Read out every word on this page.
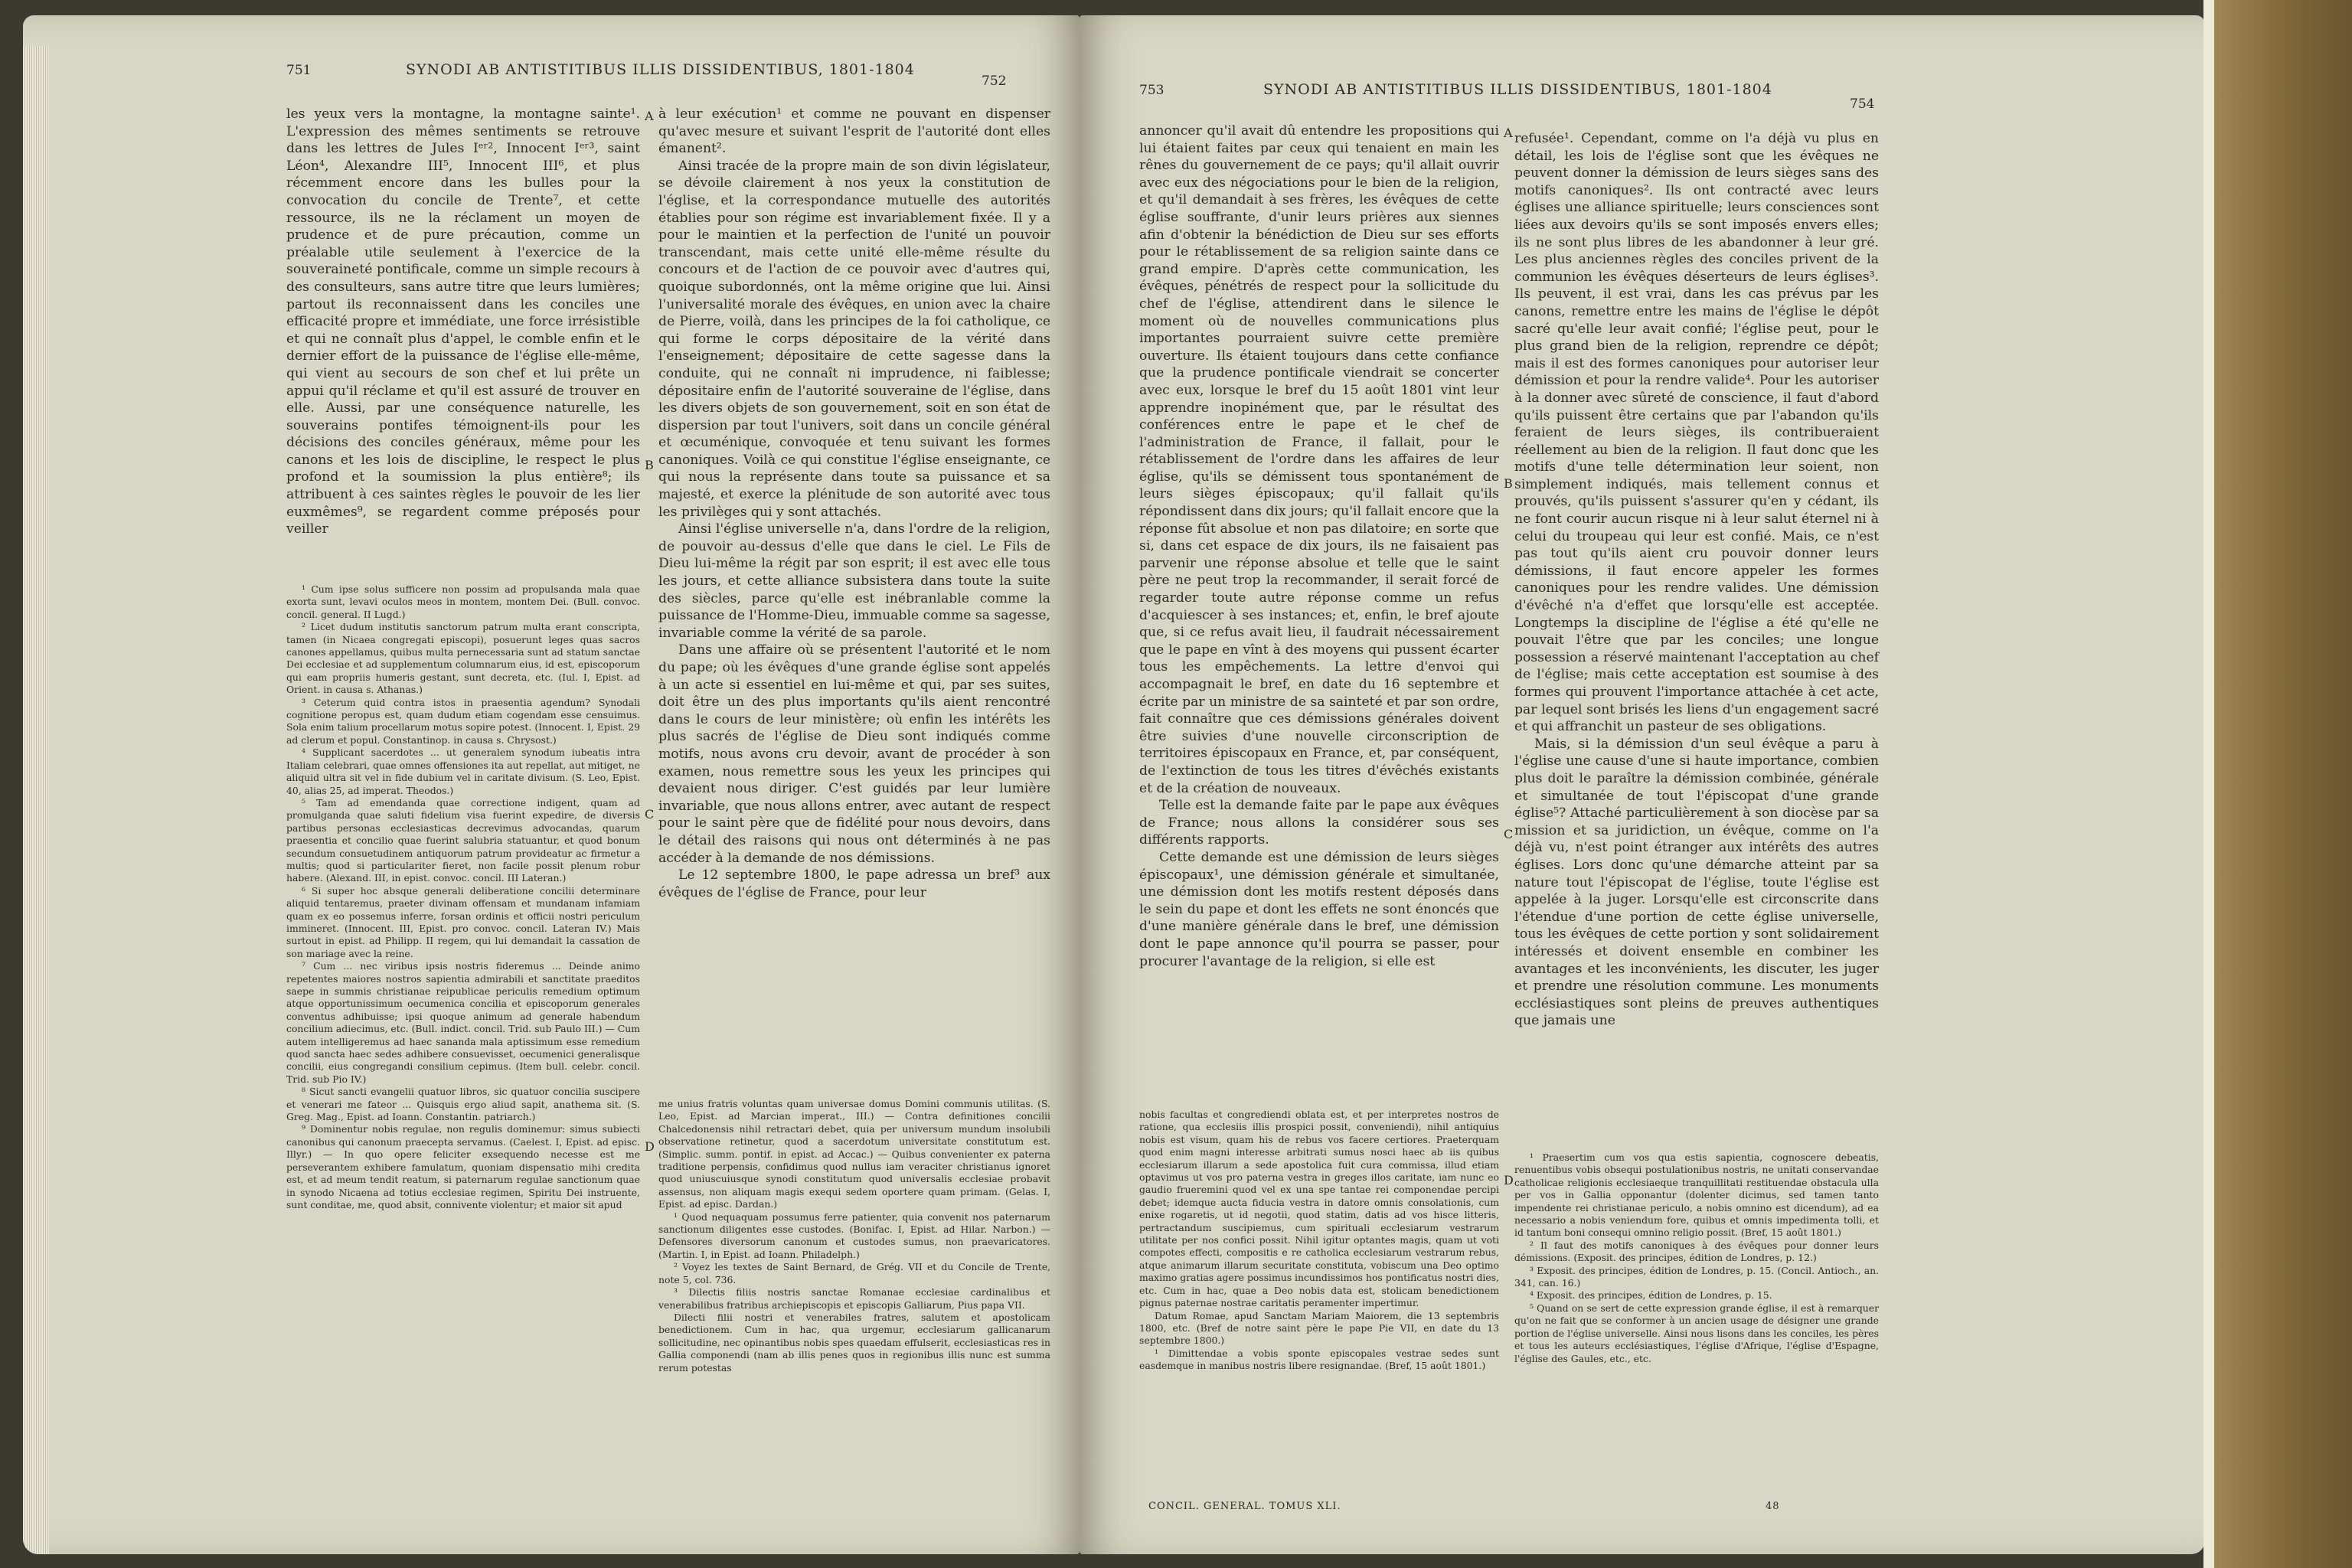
751	SYNODI AB ANTISTITIBUS ILLIS DISSIDENTIBUS, 1801-1804
752

les yeux vers la montagne, la montagne sainte¹. L'expression des mêmes sentiments se retrouve dans les lettres de Jules Iᵉʳ², Innocent Iᵉʳ³, saint Léon⁴, Alexandre III⁵, Innocent III⁶, et plus récemment encore dans les bulles pour la convocation du concile de Trente⁷, et cette ressource, ils ne la réclament un moyen de prudence et de pure précaution, comme un préalable utile seulement à l'exercice de la souveraineté pontificale, comme un simple recours à des consulteurs, sans autre titre que leurs lumières; partout ils reconnaissent dans les conciles une efficacité propre et immédiate, une force irrésistible et qui ne connaît plus d'appel, le comble enfin et le dernier effort de la puissance de l'église elle-même, qui vient au secours de son chef et lui prête un appui qu'il réclame et qu'il est assuré de trouver en elle. Aussi, par une conséquence naturelle, les souverains pontifes témoignent-ils pour les décisions des conciles généraux, même pour les canons et les lois de discipline, le respect le plus profond et la soumission la plus entière⁸; ils attribuent à ces saintes règles le pouvoir de les lier euxmêmes⁹, se regardent comme préposés pour veiller

A
B
C
D

¹ Cum ipse solus sufficere non possim ad propulsanda mala quae exorta sunt, levavi oculos meos in montem, montem Dei. (Bull. convoc. concil. general. II Lugd.)

² Licet dudum institutis sanctorum patrum multa erant conscripta, tamen (in Nicaea congregati episcopi), posuerunt leges quas sacros canones appellamus, quibus multa pernecessaria sunt ad statum sanctae Dei ecclesiae et ad supplementum columnarum eius, id est, episcoporum qui eam propriis humeris gestant, sunt decreta, etc. (Iul. I, Epist. ad Orient. in causa s. Athanas.)

³ Ceterum quid contra istos in praesentia agendum? Synodali cognitione peropus est, quam dudum etiam cogendam esse censuimus. Sola enim talium procellarum motus sopire potest. (Innocent. I, Epist. 29 ad clerum et popul. Constantinop. in causa s. Chrysost.)

⁴ Supplicant sacerdotes ... ut generalem synodum iubeatis intra Italiam celebrari, quae omnes offensiones ita aut repellat, aut mitiget, ne aliquid ultra sit vel in fide dubium vel in caritate divisum. (S. Leo, Epist. 40, alias 25, ad imperat. Theodos.)

⁵ Tam ad emendanda quae correctione indigent, quam ad promulganda quae saluti fidelium visa fuerint expedire, de diversis partibus personas ecclesiasticas decrevimus advocandas, quarum praesentia et concilio quae fuerint salubria statuantur, et quod bonum secundum consuetudinem antiquorum patrum provideatur ac firmetur a multis; quod si particulariter fieret, non facile possit plenum robur habere. (Alexand. III, in epist. convoc. concil. III Lateran.)

⁶ Si super hoc absque generali deliberatione concilii determinare aliquid tentaremus, praeter divinam offensam et mundanam infamiam quam ex eo possemus inferre, forsan ordinis et officii nostri periculum immineret. (Innocent. III, Epist. pro convoc. concil. Lateran IV.) Mais surtout in epist. ad Philipp. II regem, qui lui demandait la cassation de son mariage avec la reine.

⁷ Cum ... nec viribus ipsis nostris fideremus ... Deinde animo repetentes maiores nostros sapientia admirabili et sanctitate praeditos saepe in summis christianae reipublicae periculis remedium optimum atque opportunissimum oecumenica concilia et episcoporum generales conventus adhibuisse; ipsi quoque animum ad generale habendum concilium adiecimus, etc. (Bull. indict. concil. Trid. sub Paulo III.) — Cum autem intelligeremus ad haec sananda mala aptissimum esse remedium quod sancta haec sedes adhibere consuevisset, oecumenici generalisque concilii, eius congregandi consilium cepimus. (Item bull. celebr. concil. Trid. sub Pio IV.)

⁸ Sicut sancti evangelii quatuor libros, sic quatuor concilia suscipere et venerari me fateor ... Quisquis ergo aliud sapit, anathema sit. (S. Greg. Mag., Epist. ad Ioann. Constantin. patriarch.)

⁹ Dominentur nobis regulae, non regulis dominemur: simus subiecti canonibus qui canonum praecepta servamus. (Caelest. I, Epist. ad episc. Illyr.) — In quo opere feliciter exsequendo necesse est me perseverantem exhibere famulatum, quoniam dispensatio mihi credita est, et ad meum tendit reatum, si paternarum regulae sanctionum quae in synodo Nicaena ad totius ecclesiae regimen, Spiritu Dei instruente, sunt conditae, me, quod absit, connivente violentur; et maior sit apud

à leur exécution¹ et comme ne pouvant en dispenser qu'avec mesure et suivant l'esprit de l'autorité dont elles émanent².

Ainsi tracée de la propre main de son divin législateur, se dévoile clairement à nos yeux la constitution de l'église, et la correspondance mutuelle des autorités établies pour son régime est invariablement fixée. Il y a pour le maintien et la perfection de l'unité un pouvoir transcendant, mais cette unité elle-même résulte du concours et de l'action de ce pouvoir avec d'autres qui, quoique subordonnés, ont la même origine que lui. Ainsi l'universalité morale des évêques, en union avec la chaire de Pierre, voilà, dans les principes de la foi catholique, ce qui forme le corps dépositaire de la vérité dans l'enseignement; dépositaire de cette sagesse dans la conduite, qui ne connaît ni imprudence, ni faiblesse; dépositaire enfin de l'autorité souveraine de l'église, dans les divers objets de son gouvernement, soit en son état de dispersion par tout l'univers, soit dans un concile général et œcuménique, convoquée et tenu suivant les formes canoniques. Voilà ce qui constitue l'église enseignante, ce qui nous la représente dans toute sa puissance et sa majesté, et exerce la plénitude de son autorité avec tous les privilèges qui y sont attachés.

Ainsi l'église universelle n'a, dans l'ordre de la religion, de pouvoir au-dessus d'elle que dans le ciel. Le Fils de Dieu lui-même la régit par son esprit; il est avec elle tous les jours, et cette alliance subsistera dans toute la suite des siècles, parce qu'elle est inébranlable comme la puissance de l'Homme-Dieu, immuable comme sa sagesse, invariable comme la vérité de sa parole.

Dans une affaire où se présentent l'autorité et le nom du pape; où les évêques d'une grande église sont appelés à un acte si essentiel en lui-même et qui, par ses suites, doit être un des plus importants qu'ils aient rencontré dans le cours de leur ministère; où enfin les intérêts les plus sacrés de l'église de Dieu sont indiqués comme motifs, nous avons cru devoir, avant de procéder à son examen, nous remettre sous les yeux les principes qui devaient nous diriger. C'est guidés par leur lumière invariable, que nous allons entrer, avec autant de respect pour le saint père que de fidélité pour nous devoirs, dans le détail des raisons qui nous ont déterminés à ne pas accéder à la demande de nos démissions.

Le 12 septembre 1800, le pape adressa un bref³ aux évêques de l'église de France, pour leur

me unius fratris voluntas quam universae domus Domini communis utilitas. (S. Leo, Epist. ad Marcian imperat., III.) — Contra definitiones concilii Chalcedonensis nihil retractari debet, quia per universum mundum insolubili observatione retinetur, quod a sacerdotum universitate constitutum est. (Simplic. summ. pontif. in epist. ad Accac.) — Quibus convenienter ex paterna traditione perpensis, confidimus quod nullus iam veraciter christianus ignoret quod uniuscuiusque synodi constitutum quod universalis ecclesiae probavit assensus, non aliquam magis exequi sedem oportere quam primam. (Gelas. I, Epist. ad episc. Dardan.)

¹ Quod nequaquam possumus ferre patienter, quia convenit nos paternarum sanctionum diligentes esse custodes. (Bonifac. I, Epist. ad Hilar. Narbon.) — Defensores diversorum canonum et custodes sumus, non praevaricatores. (Martin. I, in Epist. ad Ioann. Philadelph.)

² Voyez les textes de Saint Bernard, de Grég. VII et du Concile de Trente, note 5, col. 736.

³ Dilectis filiis nostris sanctae Romanae ecclesiae cardinalibus et venerabilibus fratribus archiepiscopis et episcopis Galliarum, Pius papa VII.

Dilecti filii nostri et venerabiles fratres, salutem et apostolicam benedictionem. Cum in hac, qua urgemur, ecclesiarum gallicanarum sollicitudine, nec opinantibus nobis spes quaedam effulserit, ecclesiasticas res in Gallia componendi (nam ab illis penes quos in regionibus illis nunc est summa rerum potestas

753	SYNODI AB ANTISTITIBUS ILLIS DISSIDENTIBUS, 1801-1804
754

annoncer qu'il avait dû entendre les propositions qui lui étaient faites par ceux qui tenaient en main les rênes du gouvernement de ce pays; qu'il allait ouvrir avec eux des négociations pour le bien de la religion, et qu'il demandait à ses frères, les évêques de cette église souffrante, d'unir leurs prières aux siennes afin d'obtenir la bénédiction de Dieu sur ses efforts pour le rétablissement de sa religion sainte dans ce grand empire. D'après cette communication, les évêques, pénétrés de respect pour la sollicitude du chef de l'église, attendirent dans le silence le moment où de nouvelles communications plus importantes pourraient suivre cette première ouverture. Ils étaient toujours dans cette confiance que la prudence pontificale viendrait se concerter avec eux, lorsque le bref du 15 août 1801 vint leur apprendre inopinément que, par le résultat des conférences entre le pape et le chef de l'administration de France, il fallait, pour le rétablissement de l'ordre dans les affaires de leur église, qu'ils se démissent tous spontanément de leurs sièges épiscopaux; qu'il fallait qu'ils répondissent dans dix jours; qu'il fallait encore que la réponse fût absolue et non pas dilatoire; en sorte que si, dans cet espace de dix jours, ils ne faisaient pas parvenir une réponse absolue et telle que le saint père ne peut trop la recommander, il serait forcé de regarder toute autre réponse comme un refus d'acquiescer à ses instances; et, enfin, le bref ajoute que, si ce refus avait lieu, il faudrait nécessairement que le pape en vînt à des moyens qui pussent écarter tous les empêchements. La lettre d'envoi qui accompagnait le bref, en date du 16 septembre et écrite par un ministre de sa sainteté et par son ordre, fait connaître que ces démissions générales doivent être suivies d'une nouvelle circonscription de territoires épiscopaux en France, et, par conséquent, de l'extinction de tous les titres d'évêchés existants et de la création de nouveaux.

Telle est la demande faite par le pape aux évêques de France; nous allons la considérer sous ses différents rapports.

Cette demande est une démission de leurs sièges épiscopaux¹, une démission générale et simultanée, une démission dont les motifs restent déposés dans le sein du pape et dont les effets ne sont énoncés que d'une manière générale dans le bref, une démission dont le pape annonce qu'il pourra se passer, pour procurer l'avantage de la religion, si elle est

A
B
C
D

nobis facultas et congrediendi oblata est, et per interpretes nostros de ratione, qua ecclesiis illis prospici possit, conveniendi), nihil antiquius nobis est visum, quam his de rebus vos facere certiores. Praeterquam quod enim magni interesse arbitrati sumus nosci haec ab iis quibus ecclesiarum illarum a sede apostolica fuit cura commissa, illud etiam optavimus ut vos pro paterna vestra in greges illos caritate, iam nunc eo gaudio frueremini quod vel ex una spe tantae rei componendae percipi debet; idemque aucta fiducia vestra in datore omnis consolationis, cum enixe rogaretis, ut id negotii, quod statim, datis ad vos hisce litteris, pertractandum suscipiemus, cum spirituali ecclesiarum vestrarum utilitate per nos confici possit. Nihil igitur optantes magis, quam ut voti compotes effecti, compositis e re catholica ecclesiarum vestrarum rebus, atque animarum illarum securitate constituta, vobiscum una Deo optimo maximo gratias agere possimus incundissimos hos pontificatus nostri dies, etc. Cum in hac, quae a Deo nobis data est, stolicam benedictionem pignus paternae nostrae caritatis peramenter impertimur.

Datum Romae, apud Sanctam Mariam Maiorem, die 13 septembris 1800, etc. (Bref de notre saint père le pape Pie VII, en date du 13 septembre 1800.)

¹ Dimittendae a vobis sponte episcopales vestrae sedes sunt easdemque in manibus nostris libere resignandae. (Bref, 15 août 1801.)

refusée¹. Cependant, comme on l'a déjà vu plus en détail, les lois de l'église sont que les évêques ne peuvent donner la démission de leurs sièges sans des motifs canoniques². Ils ont contracté avec leurs églises une alliance spirituelle; leurs consciences sont liées aux devoirs qu'ils se sont imposés envers elles; ils ne sont plus libres de les abandonner à leur gré. Les plus anciennes règles des conciles privent de la communion les évêques déserteurs de leurs églises³. Ils peuvent, il est vrai, dans les cas prévus par les canons, remettre entre les mains de l'église le dépôt sacré qu'elle leur avait confié; l'église peut, pour le plus grand bien de la religion, reprendre ce dépôt; mais il est des formes canoniques pour autoriser leur démission et pour la rendre valide⁴. Pour les autoriser à la donner avec sûreté de conscience, il faut d'abord qu'ils puissent être certains que par l'abandon qu'ils feraient de leurs sièges, ils contribueraient réellement au bien de la religion. Il faut donc que les motifs d'une telle détermination leur soient, non simplement indiqués, mais tellement connus et prouvés, qu'ils puissent s'assurer qu'en y cédant, ils ne font courir aucun risque ni à leur salut éternel ni à celui du troupeau qui leur est confié. Mais, ce n'est pas tout qu'ils aient cru pouvoir donner leurs démissions, il faut encore appeler les formes canoniques pour les rendre valides. Une démission d'évêché n'a d'effet que lorsqu'elle est acceptée. Longtemps la discipline de l'église a été qu'elle ne pouvait l'être que par les conciles; une longue possession a réservé maintenant l'acceptation au chef de l'église; mais cette acceptation est soumise à des formes qui prouvent l'importance attachée à cet acte, par lequel sont brisés les liens d'un engagement sacré et qui affranchit un pasteur de ses obligations.

Mais, si la démission d'un seul évêque a paru à l'église une cause d'une si haute importance, combien plus doit le paraître la démission combinée, générale et simultanée de tout l'épiscopat d'une grande église⁵? Attaché particulièrement à son diocèse par sa mission et sa juridiction, un évêque, comme on l'a déjà vu, n'est point étranger aux intérêts des autres églises. Lors donc qu'une démarche atteint par sa nature tout l'épiscopat de l'église, toute l'église est appelée à la juger. Lorsqu'elle est circonscrite dans l'étendue d'une portion de cette église universelle, tous les évêques de cette portion y sont solidairement intéressés et doivent ensemble en combiner les avantages et les inconvénients, les discuter, les juger et prendre une résolution commune. Les monuments ecclésiastiques sont pleins de preuves authentiques que jamais une

¹ Praesertim cum vos qua estis sapientia, cognoscere debeatis, renuentibus vobis obsequi postulationibus nostris, ne unitati conservandae catholicae religionis ecclesiaeque tranquillitati restituendae obstacula ulla per vos in Gallia opponantur (dolenter dicimus, sed tamen tanto impendente rei christianae periculo, a nobis omnino est dicendum), ad ea necessario a nobis veniendum fore, quibus et omnis impedimenta tolli, et id tantum boni consequi omnino religio possit. (Bref, 15 août 1801.)

² Il faut des motifs canoniques à des évêques pour donner leurs démissions. (Exposit. des principes, édition de Londres, p. 12.)

³ Exposit. des principes, édition de Londres, p. 15. (Concil. Antioch., an. 341, can. 16.)

⁴ Exposit. des principes, édition de Londres, p. 15.

⁵ Quand on se sert de cette expression grande église, il est à remarquer qu'on ne fait que se conformer à un ancien usage de désigner une grande portion de l'église universelle. Ainsi nous lisons dans les conciles, les pères et tous les auteurs ecclésiastiques, l'église d'Afrique, l'église d'Espagne, l'église des Gaules, etc., etc.

CONCIL. GENERAL. TOMUS XLI.	48
